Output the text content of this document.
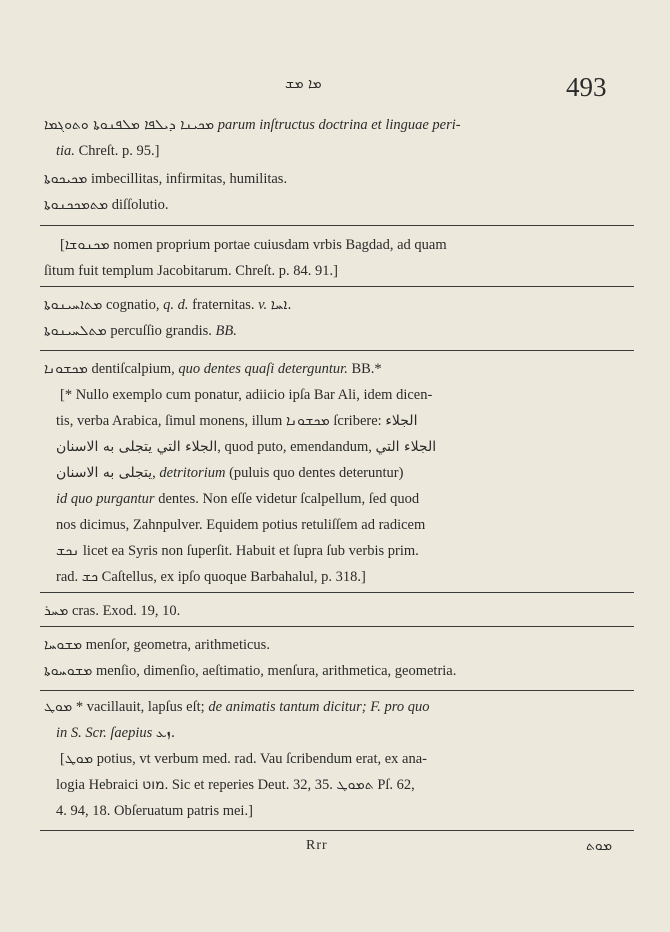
ܡܐ ܡܫ	493
ܡܟܝܢܐ ܕܝܠܦܐ ܡܠܦܢܘܬܐ ܘܬܘܓܡܐ parum inſtructus doctrina et linguae peri-
tia. Chreſt. p. 95.]
ܡܟܝܟܘܬܐ imbecillitas, infirmitas, humilitas.
ܡܬܡܟܟܢܘܬܐ diſſolutio.
[ܡܟܢܘܫܐ nomen proprium portae cuiusdam vrbis Bagdad, ad quam
ſitum fuit templum Jacobitarum. Chreſt. p. 84. 91.]
ܡܬܐܚܝܢܘܬܐ cognatio, q. d. fraternitas. v. ܐܚܐ.
ܡܬܠܚܝܢܘܬܐ percuſſio grandis. BB.
ܡܟܫܘܢܐ dentiſcalpium, quo dentes quaſi deterguntur. BB.*
[* Nullo exemplo cum ponatur, adiicio ipſa Bar Ali, idem dicen-
tis, verba Arabica, ſimul monens, illum ܡܟܫܘܢܐ ſcribere: الجلاء
الجلاء التي يتجلى به الاسنان, quod puto, emendandum, الجلاء التي
يتجلى به الاسنان, detritorium (puluis quo dentes deteruntur)
id quo purgantur dentes. Non eſſe videtur ſcalpellum, ſed quod
nos dicimus, Zahnpulver. Equidem potius retuliſſem ad radicem
ܢܟܫ licet ea Syris non ſuperſit. Habuit et ſupra ſub verbis prim.
rad. ܟܫ Caſtellus, ex ipſo quoque Barbahalul, p. 318.]
ܡܚܪ cras. Exod. 19, 10.
ܡܫܘܚܐ menſor, geometra, arithmeticus.
ܡܫܘܚܘܬܐ menſio, dimenſio, aeſtimatio, menſura, arithmetica, geometria.
ܡܘܛ * vacillauit, lapſus eſt; de animatis tantum dicitur; F. pro quo
in S. Scr. ſaepius ܙܥ.
[ܡܘܛ potius, vt verbum med. rad. Vau ſcribendum erat, ex ana-
logia Hebraici מוט. Sic et reperies Deut. 32, 35. ܬܡܘܛ Pſ. 62,
4. 94, 18. Obſeruatum patris mei.]
Rrr	ܡܘܬ
